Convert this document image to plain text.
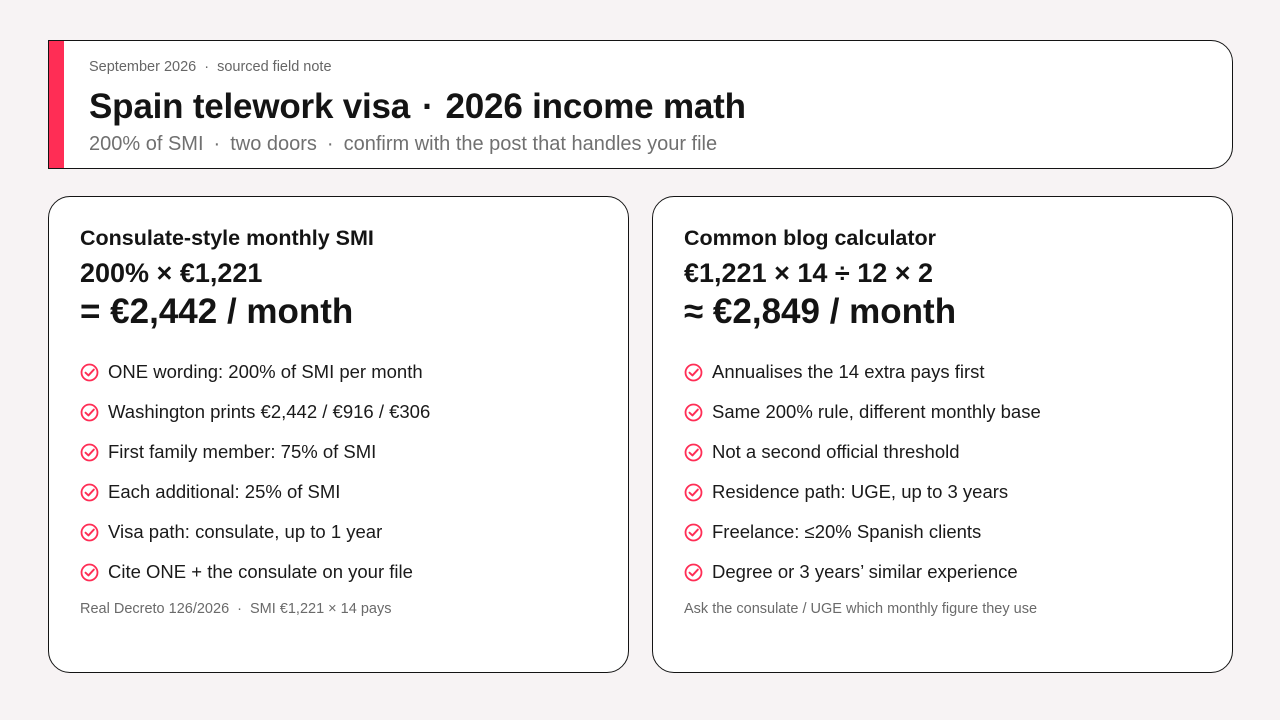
September 2026 · sourced field note
Spain telework visa · 2026 income math
200% of SMI · two doors · confirm with the post that handles your file
Consulate-style monthly SMI
200% × €1,221
= €2,442 / month
ONE wording: 200% of SMI per month
Washington prints €2,442 / €916 / €306
First family member: 75% of SMI
Each additional: 25% of SMI
Visa path: consulate, up to 1 year
Cite ONE + the consulate on your file
Real Decreto 126/2026 · SMI €1,221 × 14 pays
Common blog calculator
€1,221 × 14 ÷ 12 × 2
≈ €2,849 / month
Annualises the 14 extra pays first
Same 200% rule, different monthly base
Not a second official threshold
Residence path: UGE, up to 3 years
Freelance: ≤20% Spanish clients
Degree or 3 years’ similar experience
Ask the consulate / UGE which monthly figure they use
